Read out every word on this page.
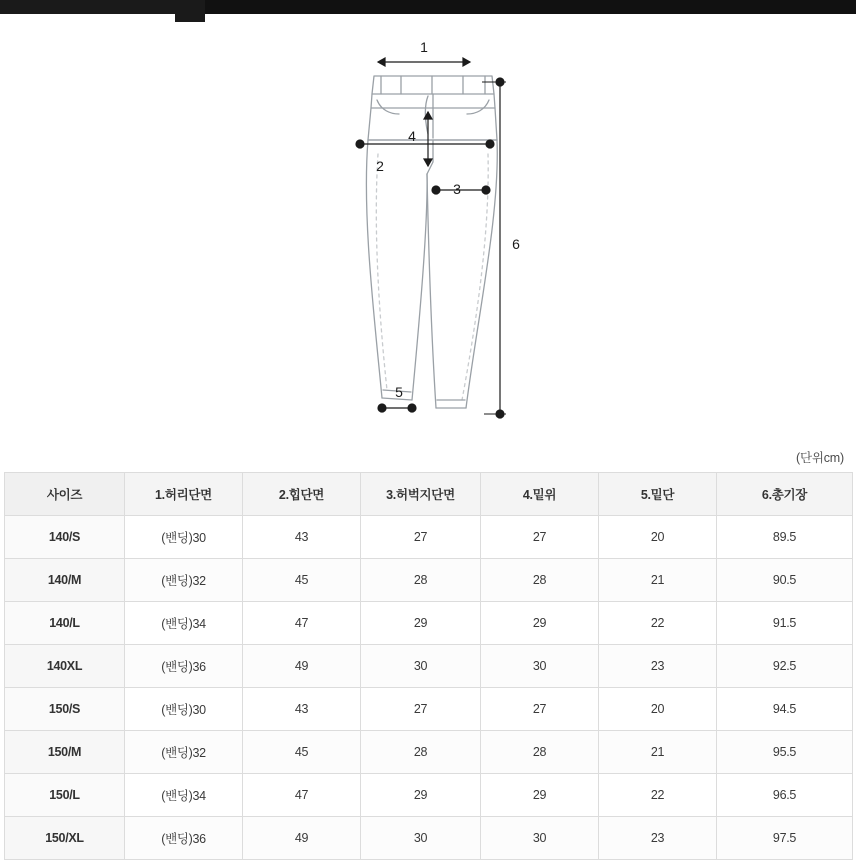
1
2
3
4
5
6
(단위cm)
사이즈	1.허리단면	2.힙단면	3.허벅지단면	4.밑위	5.밑단	6.총기장
140/S	(밴딩)30	43	27	27	20	89.5
140/M	(밴딩)32	45	28	28	21	90.5
140/L	(밴딩)34	47	29	29	22	91.5
140XL	(밴딩)36	49	30	30	23	92.5
150/S	(밴딩)30	43	27	27	20	94.5
150/M	(밴딩)32	45	28	28	21	95.5
150/L	(밴딩)34	47	29	29	22	96.5
150/XL	(밴딩)36	49	30	30	23	97.5
